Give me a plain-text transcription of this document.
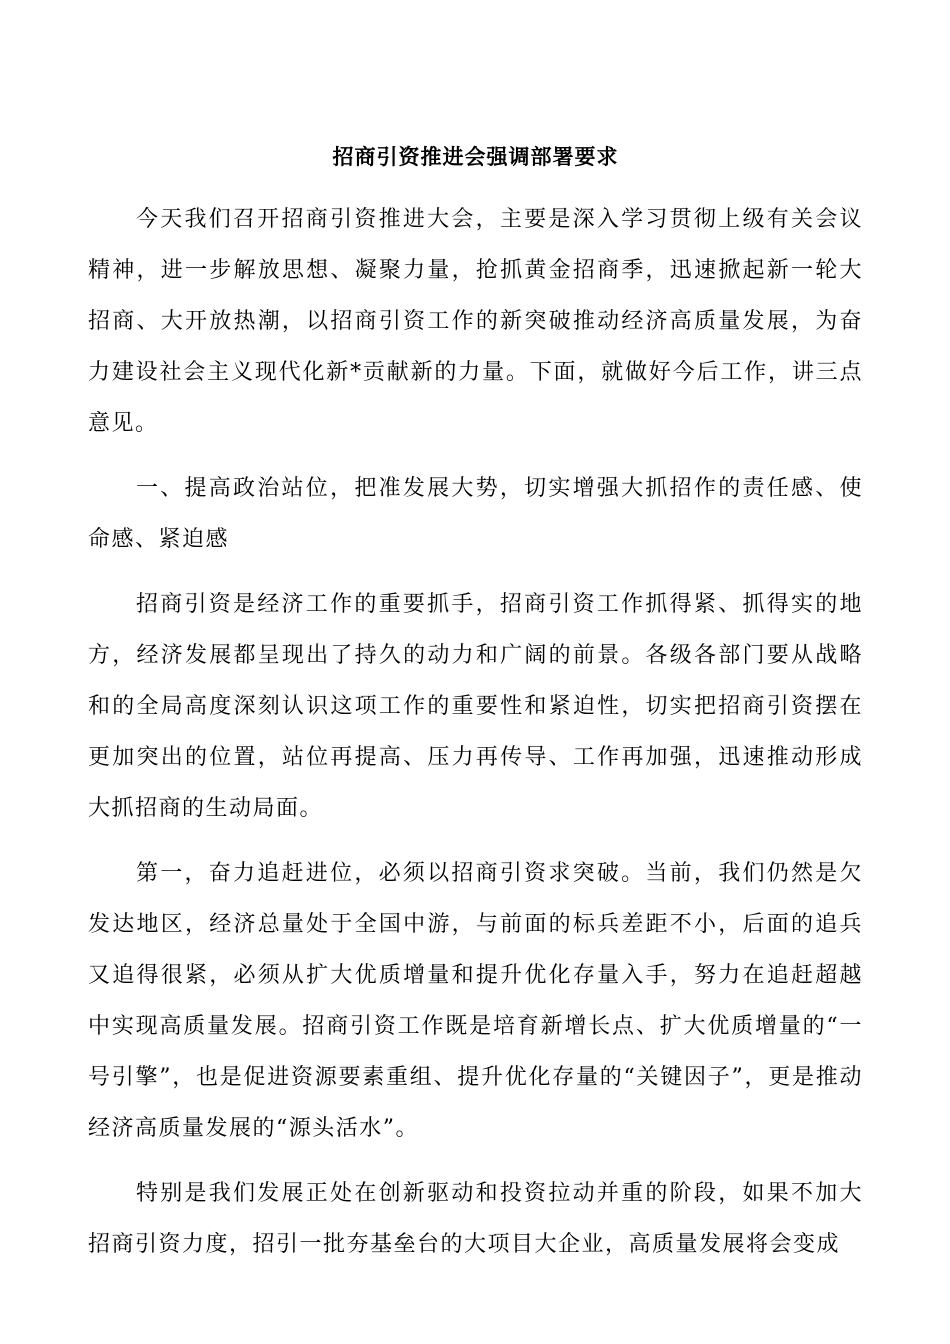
招商引资推进会强调部署要求

今天我们召开招商引资推进大会，主要是深入学习贯彻上级有关会议精神，进一步解放思想、凝聚力量，抢抓黄金招商季，迅速掀起新一轮大招商、大开放热潮，以招商引资工作的新突破推动经济高质量发展，为奋力建设社会主义现代化新*贡献新的力量。下面，就做好今后工作，讲三点意见。

一、提高政治站位，把准发展大势，切实增强大抓招作的责任感、使命感、紧迫感

招商引资是经济工作的重要抓手，招商引资工作抓得紧、抓得实的地方，经济发展都呈现出了持久的动力和广阔的前景。各级各部门要从战略和的全局高度深刻认识这项工作的重要性和紧迫性，切实把招商引资摆在更加突出的位置，站位再提高、压力再传导、工作再加强，迅速推动形成大抓招商的生动局面。

第一，奋力追赶进位，必须以招商引资求突破。当前，我们仍然是欠发达地区，经济总量处于全国中游，与前面的标兵差距不小，后面的追兵又追得很紧，必须从扩大优质增量和提升优化存量入手，努力在追赶超越中实现高质量发展。招商引资工作既是培育新增长点、扩大优质增量的“一号引擎”，也是促进资源要素重组、提升优化存量的“关键因子”，更是推动经济高质量发展的“源头活水”。

特别是我们发展正处在创新驱动和投资拉动并重的阶段，如果不加大招商引资力度，招引一批夯基垒台的大项目大企业，高质量发展将会变成
